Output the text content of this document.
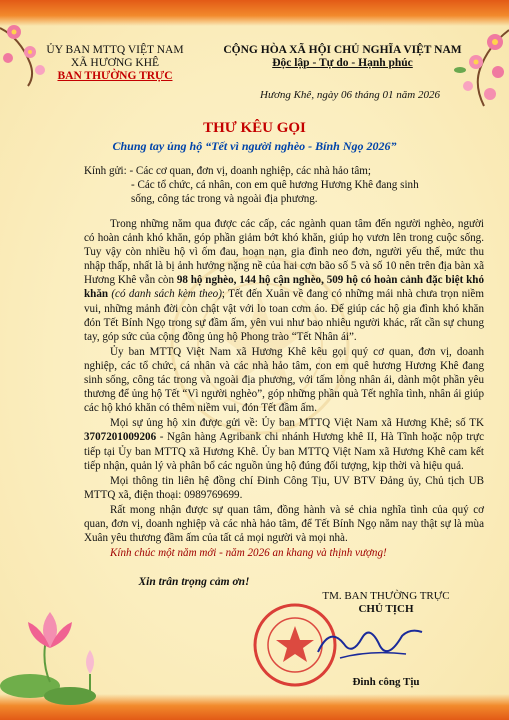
ỦY BAN MTTQ VIỆT NAM
XÃ HƯƠNG KHÊ
BAN THƯỜNG TRỰC
CỘNG HÒA XÃ HỘI CHỦ NGHĨA VIỆT NAM
Độc lập - Tự do - Hạnh phúc
Hương Khê, ngày 06 tháng 01 năm 2026
THƯ KÊU GỌI
Chung tay ủng hộ “Tết vì người nghèo - Bính Ngọ 2026”
Kính gửi: - Các cơ quan, đơn vị, doanh nghiệp, các nhà hảo tâm;
- Các tổ chức, cá nhân, con em quê hương Hương Khê đang sinh
sống, công tác trong và ngoài địa phương.

Trong những năm qua được các cấp, các ngành quan tâm đến người nghèo, người có hoàn cảnh khó khăn, góp phần giảm bớt khó khăn, giúp họ vươn lên trong cuộc sống. Tuy vậy còn nhiều hộ vì ốm đau, hoạn nạn, gia đình neo đơn, người yếu thế, mức thu nhập thấp, nhất là bị ảnh hưởng nặng nề của hai cơn bão số 5 và số 10 nên trên địa bàn xã Hương Khê vẫn còn 98 hộ nghèo, 144 hộ cận nghèo, 509 hộ có hoàn cảnh đặc biệt khó khăn (có danh sách kèm theo); Tết đến Xuân về đang có những mái nhà chưa trọn niềm vui, những mảnh đời còn chật vật với lo toan cơm áo. Để giúp các hộ gia đình khó khăn đón Tết Bính Ngọ trong sự đầm ấm, yên vui như bao nhiêu người khác, rất cần sự chung tay, góp sức của cộng đồng ủng hộ Phong trào “Tết Nhân ái”.

Ủy ban MTTQ Việt Nam xã Hương Khê kêu gọi quý cơ quan, đơn vị, doanh nghiệp, các tổ chức, cá nhân và các nhà hảo tâm, con em quê hương Hương Khê đang sinh sống, công tác trong và ngoài địa phương, với tấm lòng nhân ái, dành một phần yêu thương để ủng hộ Tết “Vì người nghèo”, góp những phần quà Tết nghĩa tình, nhân ái giúp các hộ khó khăn có thêm niềm vui, đón Tết đầm ấm.

Mọi sự ủng hộ xin được gửi về: Ủy ban MTTQ Việt Nam xã Hương Khê; số TK 3707201009206 - Ngân hàng Agribank chi nhánh Hương khê II, Hà Tĩnh hoặc nộp trực tiếp tại Ủy ban MTTQ xã Hương Khê. Ủy ban MTTQ Việt Nam xã Hương Khê cam kết tiếp nhận, quản lý và phân bổ các nguồn ủng hộ đúng đối tượng, kịp thời và hiệu quả.

Mọi thông tin liên hệ đồng chí Đinh Công Tịu, UV BTV Đảng ủy, Chủ tịch UB MTTQ xã, điện thoại: 0989769699.

Rất mong nhận được sự quan tâm, đồng hành và sẻ chia nghĩa tình của quý cơ quan, đơn vị, doanh nghiệp và các nhà hảo tâm, để Tết Bính Ngọ năm nay thật sự là mùa Xuân yêu thương đầm ấm của tất cả mọi người và mọi nhà.

Kính chúc một năm mới - năm 2026 an khang và thịnh vượng!
Xin trân trọng cảm ơn!
TM. BAN THƯỜNG TRỰC
CHỦ TỊCH
Đinh công Tịu
